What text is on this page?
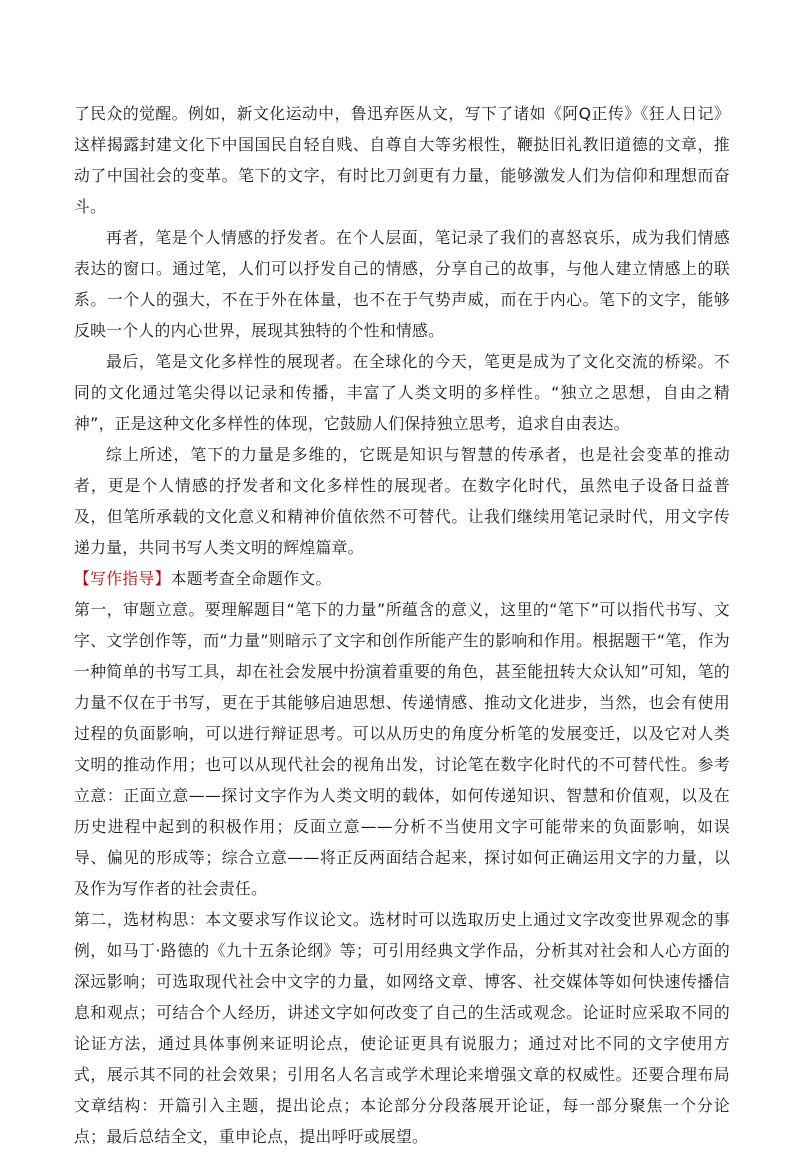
了民众的觉醒。例如，新文化运动中，鲁迅弃医从文，写下了诸如《阿Q正传》《狂人日记》这样揭露封建文化下中国国民自轻自贱、自尊自大等劣根性，鞭挞旧礼教旧道德的文章，推动了中国社会的变革。笔下的文字，有时比刀剑更有力量，能够激发人们为信仰和理想而奋斗。

再者，笔是个人情感的抒发者。在个人层面，笔记录了我们的喜怒哀乐，成为我们情感表达的窗口。通过笔，人们可以抒发自己的情感，分享自己的故事，与他人建立情感上的联系。一个人的强大，不在于外在体量，也不在于气势声威，而在于内心。笔下的文字，能够反映一个人的内心世界，展现其独特的个性和情感。

最后，笔是文化多样性的展现者。在全球化的今天，笔更是成为了文化交流的桥梁。不同的文化通过笔尖得以记录和传播，丰富了人类文明的多样性。“独立之思想，自由之精神”，正是这种文化多样性的体现，它鼓励人们保持独立思考，追求自由表达。

综上所述，笔下的力量是多维的，它既是知识与智慧的传承者，也是社会变革的推动者，更是个人情感的抒发者和文化多样性的展现者。在数字化时代，虽然电子设备日益普及，但笔所承载的文化意义和精神价值依然不可替代。让我们继续用笔记录时代，用文字传递力量，共同书写人类文明的辉煌篇章。

【写作指导】本题考查全命题作文。

第一，审题立意。要理解题目“笔下的力量”所蕴含的意义，这里的“笔下”可以指代书写、文字、文学创作等，而“力量”则暗示了文字和创作所能产生的影响和作用。根据题干“笔，作为一种简单的书写工具，却在社会发展中扮演着重要的角色，甚至能扭转大众认知”可知，笔的力量不仅在于书写，更在于其能够启迪思想、传递情感、推动文化进步，当然，也会有使用过程的负面影响，可以进行辩证思考。可以从历史的角度分析笔的发展变迁，以及它对人类文明的推动作用；也可以从现代社会的视角出发，讨论笔在数字化时代的不可替代性。参考立意：正面立意——探讨文字作为人类文明的载体，如何传递知识、智慧和价值观，以及在历史进程中起到的积极作用；反面立意——分析不当使用文字可能带来的负面影响，如误导、偏见的形成等；综合立意——将正反两面结合起来，探讨如何正确运用文字的力量，以及作为写作者的社会责任。

第二，选材构思：本文要求写作议论文。选材时可以选取历史上通过文字改变世界观念的事例，如马丁·路德的《九十五条论纲》等；可引用经典文学作品，分析其对社会和人心方面的深远影响；可选取现代社会中文字的力量，如网络文章、博客、社交媒体等如何快速传播信息和观点；可结合个人经历，讲述文字如何改变了自己的生活或观念。论证时应采取不同的论证方法，通过具体事例来证明论点，使论证更具有说服力；通过对比不同的文字使用方式，展示其不同的社会效果；引用名人名言或学术理论来增强文章的权威性。还要合理布局文章结构：开篇引入主题，提出论点；本论部分分段落展开论证，每一部分聚焦一个分论点；最后总结全文，重申论点，提出呼吁或展望。
